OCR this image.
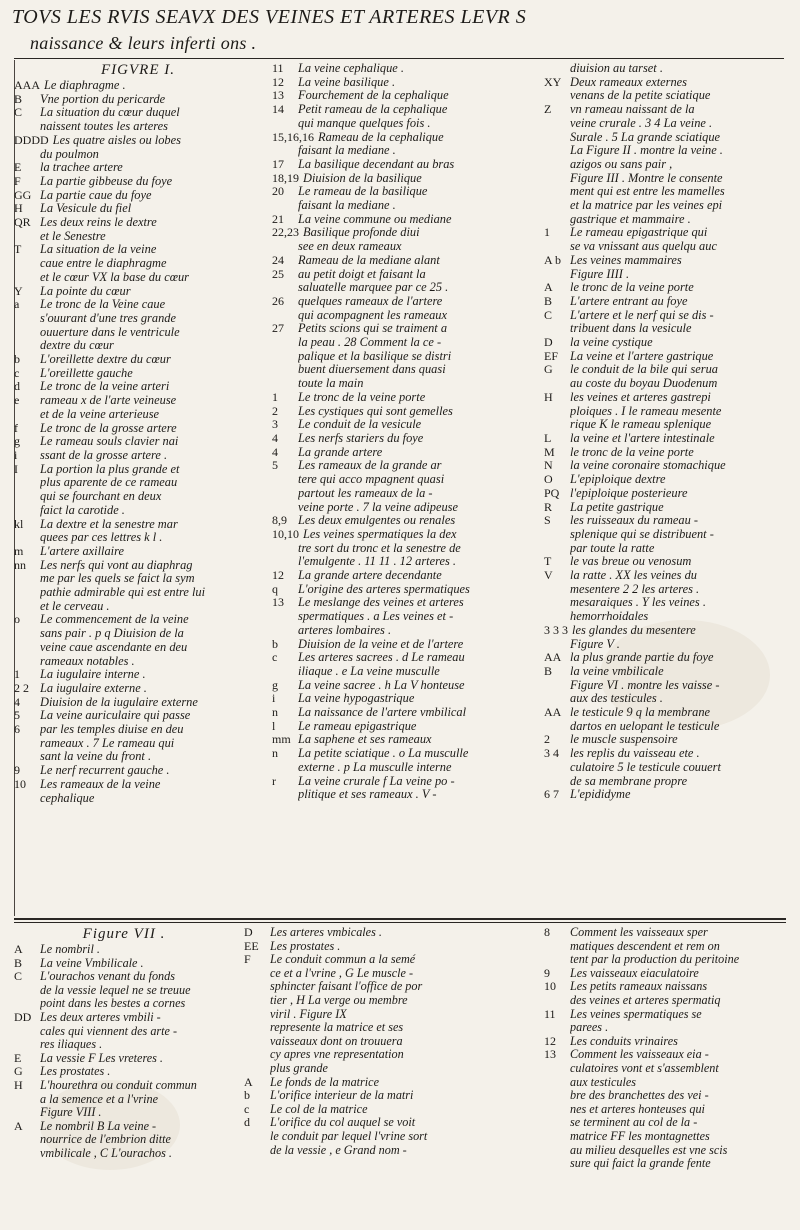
TOVS LES RVIS SEAVX DES VEINES ET ARTERES LEVR S
naissance & leurs inferti ons .
FIGVRE I.
AAA Le diaphragme .
B	Vne portion du pericarde
C	La situation du cœur duquel
naissent toutes les arteres
DDDD Les quatre aisles ou lobes
du poulmon
E	la trachee artere
F	La partie gibbeuse du foye
GG La partie caue du foye
H	La Vesicule du fiel
QR Les deux reins le dextre
et le Senestre
T	La situation de la veine
caue entre le diaphragme
et le cœur VX la base du cœur
Y	La pointe du cœur
a	Le tronc de la Veine caue
s'ouurant d'une tres grande
ouuerture dans le ventricule
dextre du cœur
b	L'oreillette dextre du cœur
c	L'oreillette gauche
d	Le tronc de la veine arteri
e	rameau x de l'arte veineuse
et de la veine arterieuse
f	Le tronc de la grosse artere
g	Le rameau souls clavier nai
i	ssant de la grosse artere .
I	La portion la plus grande et
plus aparente de ce rameau
qui se fourchant en deux
faict la carotide .
kl	La dextre et la senestre mar
quees par ces lettres k l .
m	L'artere axillaire
nn	Les nerfs qui vont au diaphrag
me par les quels se faict la sym
pathie admirable qui est entre lui
et le cerveau .
o	Le commencement de la veine
sans pair . p q Diuision de la
veine caue ascendante en deu
rameaux notables .
1	La iugulaire interne .
2 2 La iugulaire externe .
4	Diuision de la iugulaire externe
5	La veine auriculaire qui passe
6	par les temples diuise en deu
rameaux . 7 Le rameau qui
sant la veine du front .
9	Le nerf recurrent gauche .
10	Les rameaux de la veine
cephalique
11	La veine cephalique .
12	La veine basilique .
13	Fourchement de la cephalique
14	Petit rameau de la cephalique
qui manque quelques fois .
15,16,16 Rameau de la cephalique
faisant la mediane .
17	La basilique decendant au bras
18,19 Diuision de la basilique
20	Le rameau de la basilique
faisant la mediane .
21	La veine commune ou mediane
22,23 Basilique profonde diui
see en deux rameaux
24	Rameau de la mediane alant
25	au petit doigt et faisant la
saluatelle marquee par ce 25 .
26	quelques rameaux de l'artere
qui acompagnent les rameaux
27	Petits scions qui se traiment a
la peau . 28 Comment la ce -
palique et la basilique se distri
buent diuersement dans quasi
toute la main
1	Le tronc de la veine porte
2	Les cystiques qui sont gemelles
3	Le conduit de la vesicule
4	Les nerfs stariers du foye
4	La grande artere
5	Les rameaux de la grande ar
tere qui acco mpagnent quasi
partout les rameaux de la -
veine porte . 7 la veine adipeuse
8,9 Les deux emulgentes ou renales
10,10 Les veines spermatiques la dex
tre sort du tronc et la senestre de
l'emulgente . 11 11 . 12 arteres .
12	La grande artere decendante
q	L'origine des arteres spermatiques
13	Le meslange des veines et arteres
spermatiques . a Les veines et -
arteres lombaires .
b	Diuision de la veine et de l'artere
c	Les arteres sacrees . d Le rameau
iliaque . e La veine musculle
g	La veine sacree . h La V honteuse
i	La veine hypogastrique
n	La naissance de l'artere vmbilical
l	Le rameau epigastrique
mm La saphene et ses rameaux
n	La petite sciatique . o La musculle
externe . p La musculle interne
r	La veine crurale f La veine po -
plitique et ses rameaux . V -
diuision au tarset .
XY Deux rameaux externes
venans de la petite sciatique
Z	vn rameau naissant de la
veine crurale . 3 4 La veine .
Surale . 5 La grande sciatique
La Figure II . montre la veine .
azigos ou sans pair ,
Figure III . Montre le consente
ment qui est entre les mamelles
et la matrice par les veines epi
gastrique et mammaire .
1	Le rameau epigastrique qui
se va vnissant aus quelqu auc
A b Les veines mammaires
Figure IIII .
A	le tronc de la veine porte
B	L'artere entrant au foye
C	L'artere et le nerf qui se dis -
tribuent dans la vesicule
D	la veine cystique
EF La veine et l'artere gastrique
G	le conduit de la bile qui serua
au coste du boyau Duodenum
H	les veines et arteres gastrepi
ploiques . I le rameau mesente
rique K le rameau splenique
L	la veine et l'artere intestinale
M	le tronc de la veine porte
N	la veine coronaire stomachique
O	L'epiploique dextre
PQ l'epiploique posterieure
R	La petite gastrique
S	les ruisseaux du rameau -
splenique qui se distribuent -
par toute la ratte
T	le vas breue ou venosum
V	la ratte . XX les veines du
mesentere 2 2 les arteres .
mesaraiques . Y les veines .
hemorrhoidales
3 3 3 les glandes du mesentere
Figure V .
AA la plus grande partie du foye
B	la veine vmbilicale
Figure VI . montre les vaisse -
aux des testicules .
AA le testicule 9 q la membrane
dartos en uelopant le testicule
2	le muscle suspensoire
3 4 les replis du vaisseau ete .
culatoire 5 le testicule couuert
de sa membrane propre
6 7 L'epididyme
Figure VII .
A	Le nombril .
B	La veine Vmbilicale .
C	L'ourachos venant du fonds
de la vessie lequel ne se treuue
point dans les bestes a cornes
DD Les deux arteres vmbili -
cales qui viennent des arte -
res iliaques .
E	La vessie F Les vreteres .
G	Les prostates .
H	L'hourethra ou conduit commun
a la semence et a l'vrine
Figure VIII .
A	Le nombril B La veine -
nourrice de l'embrion ditte
vmbilicale , C L'ourachos .
D	Les arteres vmbicales .
EE Les prostates .
F	Le conduit commun a la semé
ce et a l'vrine , G Le muscle -
sphincter faisant l'office de por
tier , H La verge ou membre
viril . Figure IX
represente la matrice et ses
vaisseaux dont on trouuera
cy apres vne representation
plus grande
A	Le fonds de la matrice
b	L'orifice interieur de la matri
c	Le col de la matrice
d	L'orifice du col auquel se voit
le conduit par lequel l'vrine sort
de la vessie , e Grand nom -
8	Comment les vaisseaux sper
matiques descendent et rem on
tent par la production du peritoine
9	Les vaisseaux eiaculatoire
10	Les petits rameaux naissans
des veines et arteres spermatiq
11	Les veines spermatiques se
parees .
12	Les conduits vrinaires
13	Comment les vaisseaux eia -
culatoires vont et s'assemblent
aux testicules
bre des branchettes des vei -
nes et arteres honteuses qui
se terminent au col de la -
matrice FF les montagnettes
au milieu desquelles est vne scis
sure qui faict la grande fente
